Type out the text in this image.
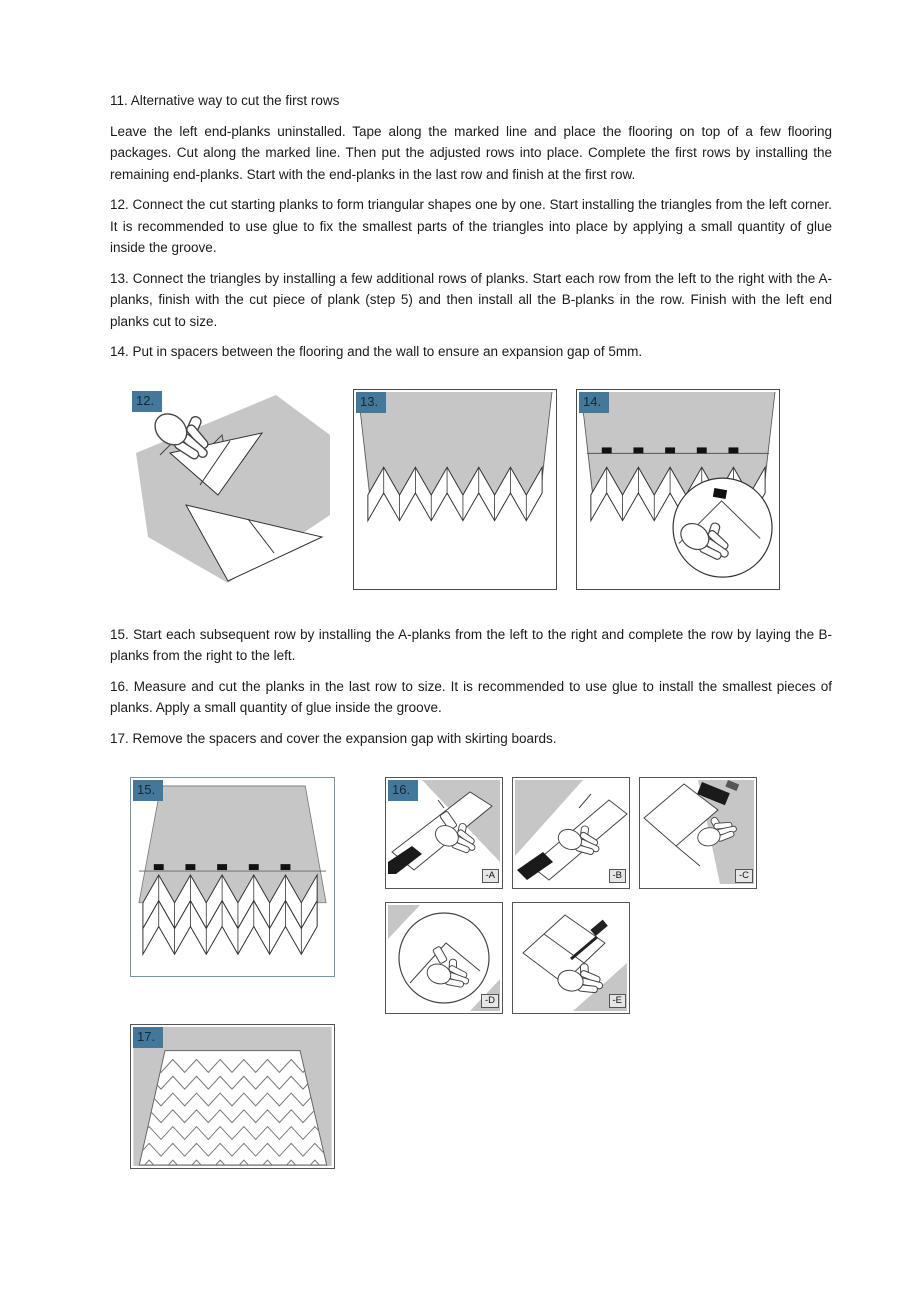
11. Alternative way to cut the first rows

Leave the left end-planks uninstalled. Tape along the marked line and place the flooring on top of a few flooring packages. Cut along the marked line. Then put the adjusted rows into place. Complete the first rows by installing the remaining end-planks. Start with the end-planks in the last row and finish at the first row.

12. Connect the cut starting planks to form triangular shapes one by one. Start installing the triangles from the left corner. It is recommended to use glue to fix the smallest parts of the triangles into place by applying a small quantity of glue inside the groove.

13. Connect the triangles by installing a few additional rows of planks. Start each row from the left to the right with the A-planks, finish with the cut piece of plank (step 5) and then install all the B-planks in the row. Finish with the left end planks cut to size.

14. Put in spacers between the flooring and the wall to ensure an expansion gap of 5mm.

12.	13.	14.

15. Start each subsequent row by installing the A-planks from the left to the right and complete the row by laying the B-planks from the right to the left.

16. Measure and cut the planks in the last row to size. It is recommended to use glue to install the smallest pieces of planks. Apply a small quantity of glue inside the groove.

17. Remove the spacers and cover the expansion gap with skirting boards.

15.	16.
-A	-B	-C
-D	-E
17.
